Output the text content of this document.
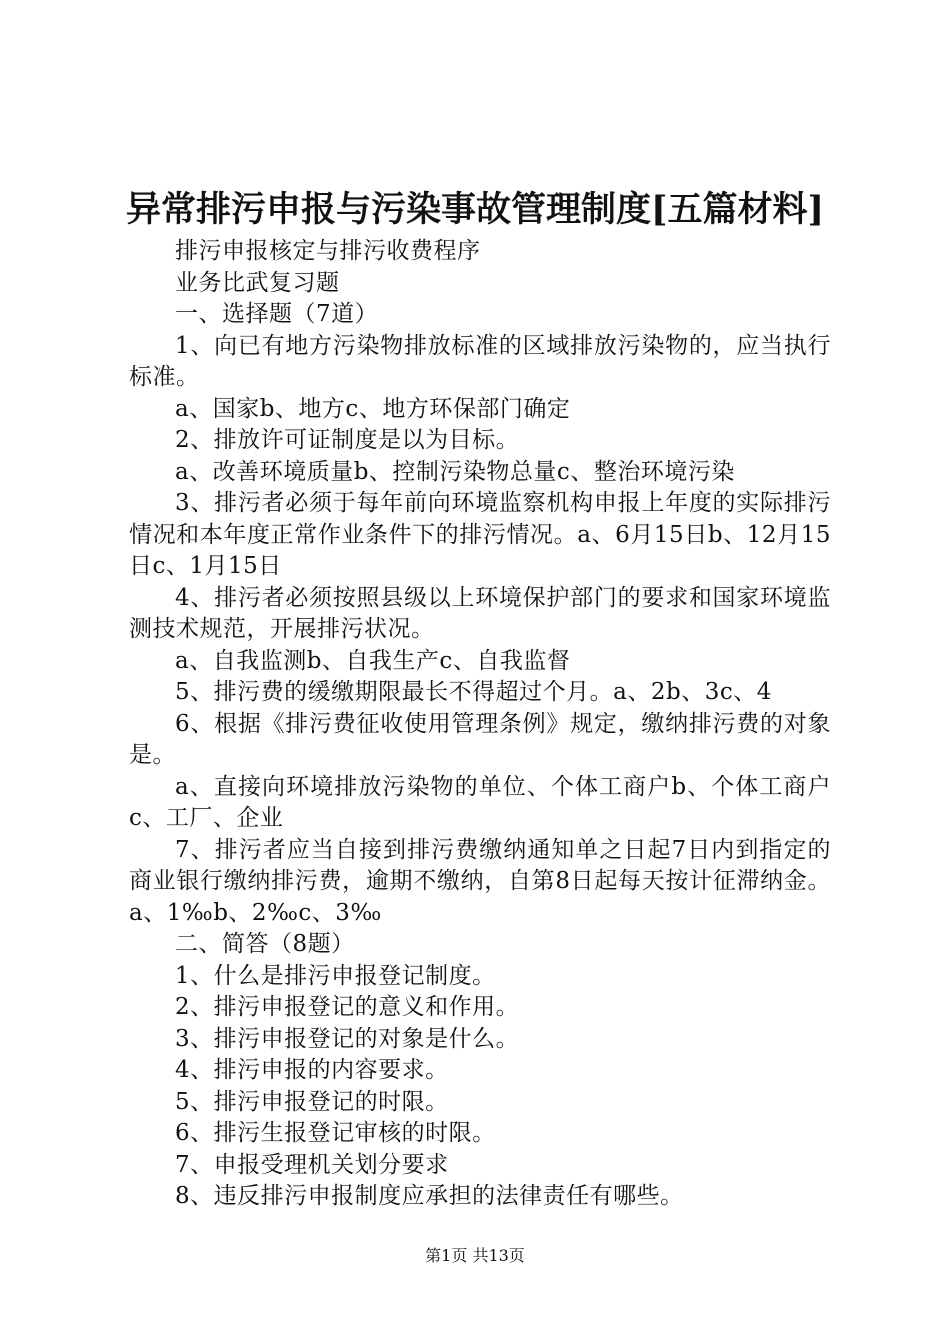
异常排污申报与污染事故管理制度[五篇材料]

排污申报核定与排污收费程序

业务比武复习题

一、选择题（7道）

1、向已有地方污染物排放标准的区域排放污染物的，应当执行标准。

a、国家b、地方c、地方环保部门确定

2、排放许可证制度是以为目标。

a、改善环境质量b、控制污染物总量c、整治环境污染

3、排污者必须于每年前向环境监察机构申报上年度的实际排污情况和本年度正常作业条件下的排污情况。a、6月15日b、12月15日c、1月15日

4、排污者必须按照县级以上环境保护部门的要求和国家环境监测技术规范，开展排污状况。

a、自我监测b、自我生产c、自我监督

5、排污费的缓缴期限最长不得超过个月。a、2b、3c、4

6、根据《排污费征收使用管理条例》规定，缴纳排污费的对象是。

a、直接向环境排放污染物的单位、个体工商户b、个体工商户c、工厂、企业

7、排污者应当自接到排污费缴纳通知单之日起7日内到指定的商业银行缴纳排污费，逾期不缴纳，自第8日起每天按计征滞纳金。a、1‰b、2‰c、3‰

二、简答（8题）

1、什么是排污申报登记制度。

2、排污申报登记的意义和作用。

3、排污申报登记的对象是什么。

4、排污申报的内容要求。

5、排污申报登记的时限。

6、排污生报登记审核的时限。

7、申报受理机关划分要求

8、违反排污申报制度应承担的法律责任有哪些。

第1页 共13页
